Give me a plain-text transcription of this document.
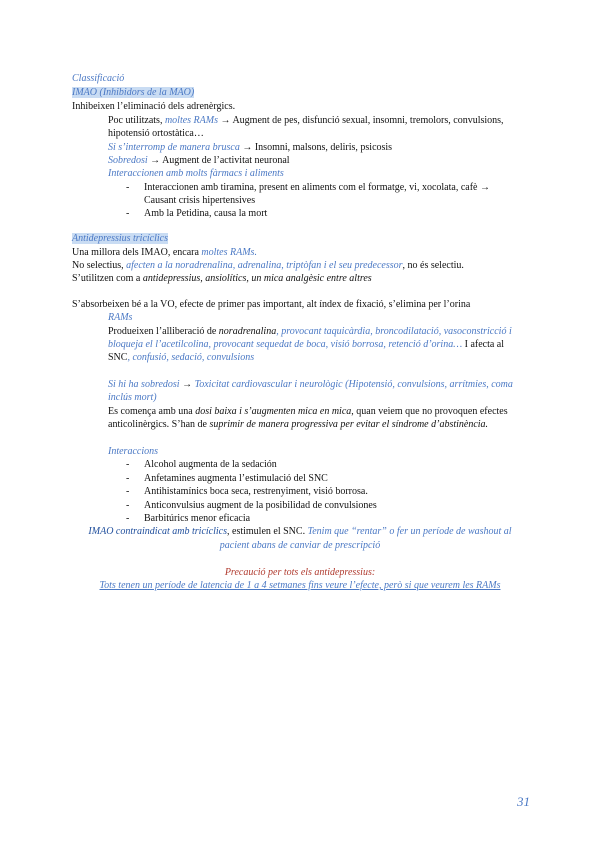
Classificació
IMAO (Inhibidors de la MAO)
Inhibeixen l’eliminació dels adrenèrgics.
Poc utilitzats, moltes RAMs → Augment de pes, disfunció sexual, insomni, tremolors, convulsions,
hipotensió ortostàtica…
Si s’interromp de manera brusca → Insomni, malsons, deliris, psicosis
Sobredosi → Augment de l’activitat neuronal
Interaccionen amb molts fàrmacs i aliments
- Interaccionen amb tiramina, present en aliments com el formatge, vi, xocolata, cafè →
Causant crisis hipertensives
- Amb la Petidina, causa la mort
Antidepressius tricíclics
Una millora dels IMAO, encara moltes RAMs.
No selectius, afecten a la noradrenalina, adrenalina, triptòfan i el seu predecessor, no és selectiu.
S’utilitzen com a antidepressius, ansiolítics, un mica analgèsic entre altres
S’absorbeixen bé a la VO, efecte de primer pas important, alt índex de fixació, s’elimina per l’orina
RAMs
Produeixen l’alliberació de noradrenalina, provocant taquicàrdia, broncodilatació, vasoconstricció i
bloqueja el l’acetilcolina, provocant sequedat de boca, visió borrosa, retenció d’orina… I afecta al
SNC, confusió, sedació, convulsions
Si hi ha sobredosi → Toxicitat cardiovascular i neurològic (Hipotensió, convulsions, arrítmies, coma
inclús mort)
Es comença amb una dosi baixa i s’augmenten mica en mica, quan veiem que no provoquen efectes
anticolinèrgics. S’han de suprimir de manera progressiva per evitar el síndrome d’abstinència.
Interaccions
- Alcohol augmenta de la sedación
- Anfetamines augmenta l’estimulació del SNC
- Antihistamínics boca seca, restrenyiment, visió borrosa.
- Anticonvulsius augment de la posibilidad de convulsiones
- Barbitúrics menor eficacia
IMAO contraindicat amb tricíclics, estimulen el SNC. Tenim que “rentar” o fer un període de washout al
pacient abans de canviar de prescripció
Precaució per tots els antidepressius:
Tots tenen un període de latencia de 1 a 4 setmanes fins veure l’efecte, però si que veurem les RAMs
31
